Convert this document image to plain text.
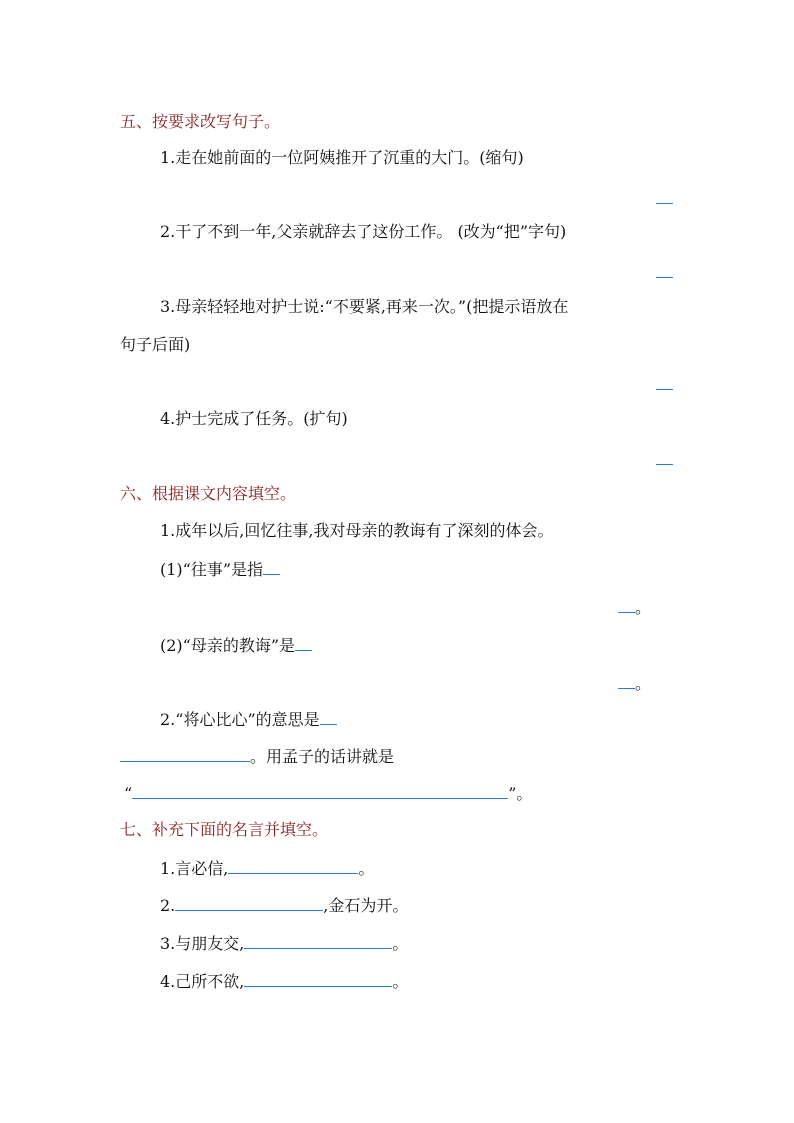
五、按要求改写句子。
1.走在她前面的一位阿姨推开了沉重的大门。(缩句)
2.干了不到一年,父亲就辞去了这份工作。 (改为“把”字句)
3.母亲轻轻地对护士说:“不要紧,再来一次。”(把提示语放在
句子后面)
4.护士完成了任务。(扩句)
六、根据课文内容填空。
1.成年以后,回忆往事,我对母亲的教诲有了深刻的体会。
(1)“往事”是指
。
(2)“母亲的教诲”是
。
2.“将心比心”的意思是
。用孟子的话讲就是
“	”。
七、补充下面的名言并填空。
1.言必信,	。
2.	,金石为开。
3.与朋友交,	。
4.己所不欲,	。
